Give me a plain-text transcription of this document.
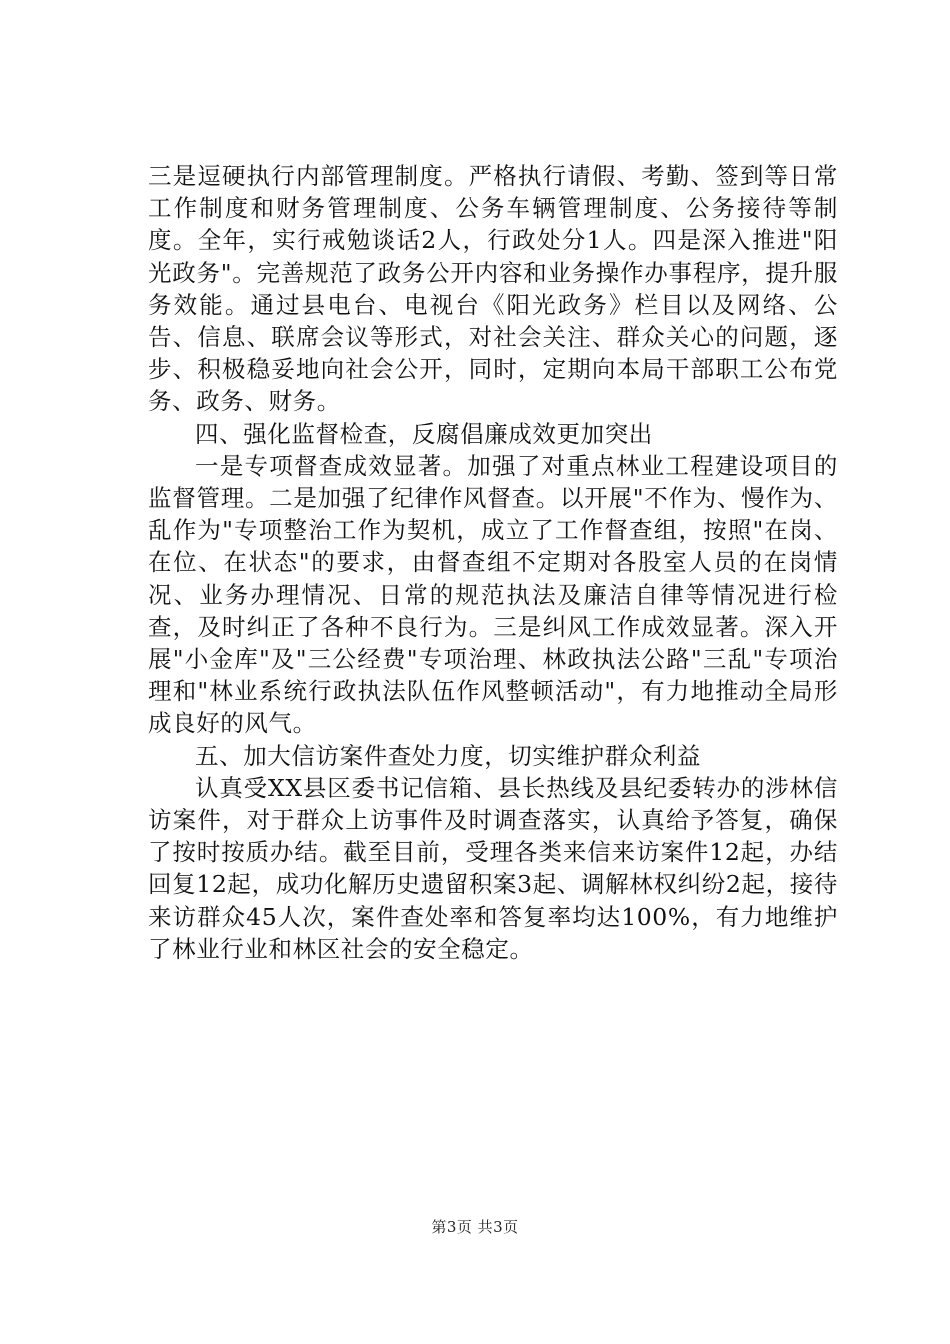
三是逗硬执行内部管理制度。严格执行请假、考勤、签到等日常工作制度和财务管理制度、公务车辆管理制度、公务接待等制度。全年，实行戒勉谈话2人，行政处分1人。四是深入推进"阳光政务"。完善规范了政务公开内容和业务操作办事程序，提升服务效能。通过县电台、电视台《阳光政务》栏目以及网络、公告、信息、联席会议等形式，对社会关注、群众关心的问题，逐步、积极稳妥地向社会公开，同时，定期向本局干部职工公布党务、政务、财务。

四、强化监督检查，反腐倡廉成效更加突出

一是专项督查成效显著。加强了对重点林业工程建设项目的监督管理。二是加强了纪律作风督查。以开展"不作为、慢作为、乱作为"专项整治工作为契机，成立了工作督查组，按照"在岗、在位、在状态"的要求，由督查组不定期对各股室人员的在岗情况、业务办理情况、日常的规范执法及廉洁自律等情况进行检查，及时纠正了各种不良行为。三是纠风工作成效显著。深入开展"小金库"及"三公经费"专项治理、林政执法公路"三乱"专项治理和"林业系统行政执法队伍作风整顿活动"，有力地推动全局形成良好的风气。

五、加大信访案件查处力度，切实维护群众利益

认真受XX县区委书记信箱、县长热线及县纪委转办的涉林信访案件，对于群众上访事件及时调查落实，认真给予答复，确保了按时按质办结。截至目前，受理各类来信来访案件12起，办结回复12起，成功化解历史遗留积案3起、调解林权纠纷2起，接待来访群众45人次，案件查处率和答复率均达100%，有力地维护了林业行业和林区社会的安全稳定。

第3页 共3页
